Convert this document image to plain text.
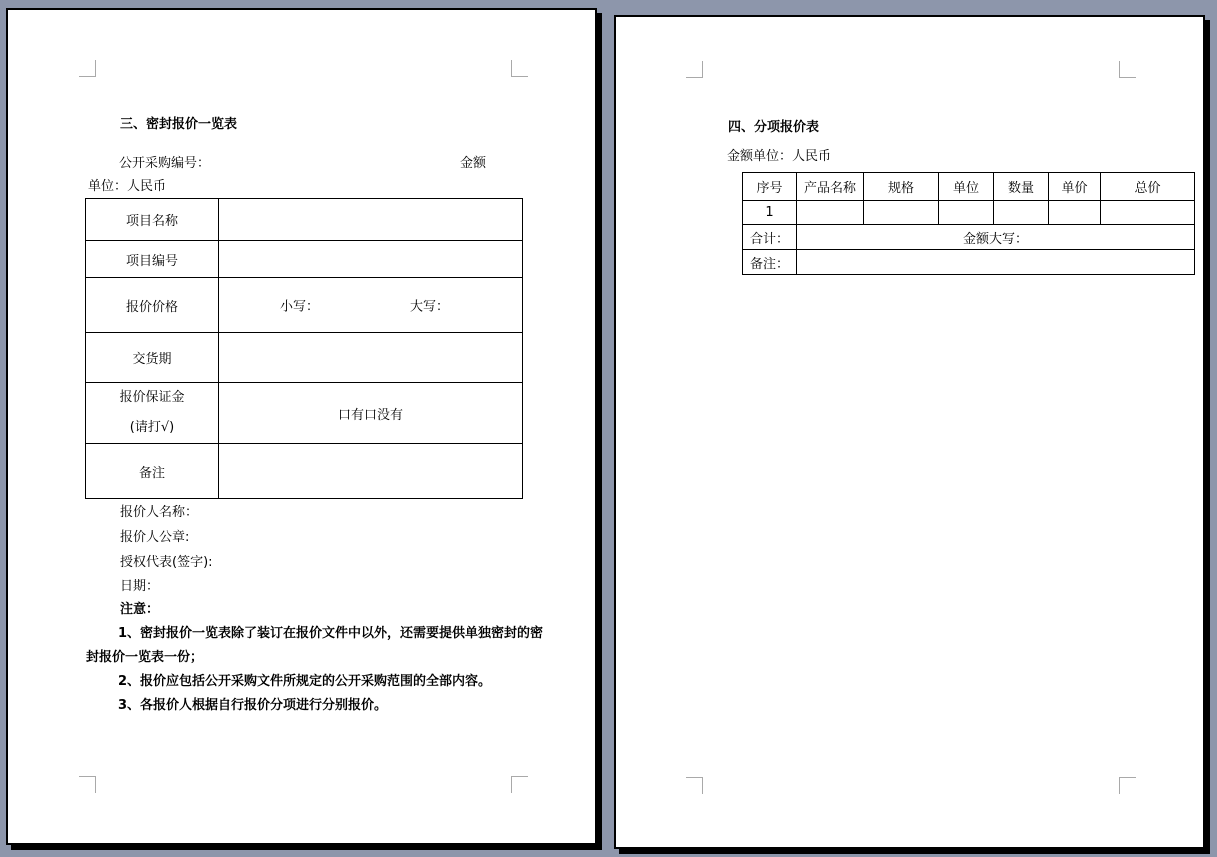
三、密封报价一览表
公开采购编号：	金额
单位：人民币
项目名称	
项目编号	
报价价格	小写： 大写：

交货期	

报价保证金
(请打√)	口有口没有
备注	
报价人名称：
报价人公章:
授权代表(签字):
日期：
注意：
1、密封报价一览表除了装订在报价文件中以外，还需要提供单独密封的密
封报价一览表一份；
2、报价应包括公开采购文件所规定的公开采购范围的全部内容。
3、各报价人根据自行报价分项进行分别报价。
四、分项报价表
金额单位：人民币
序号	产品名称	规格	单位	数量	单价	总价
1						
合计：	金额大写：					
备注：						
